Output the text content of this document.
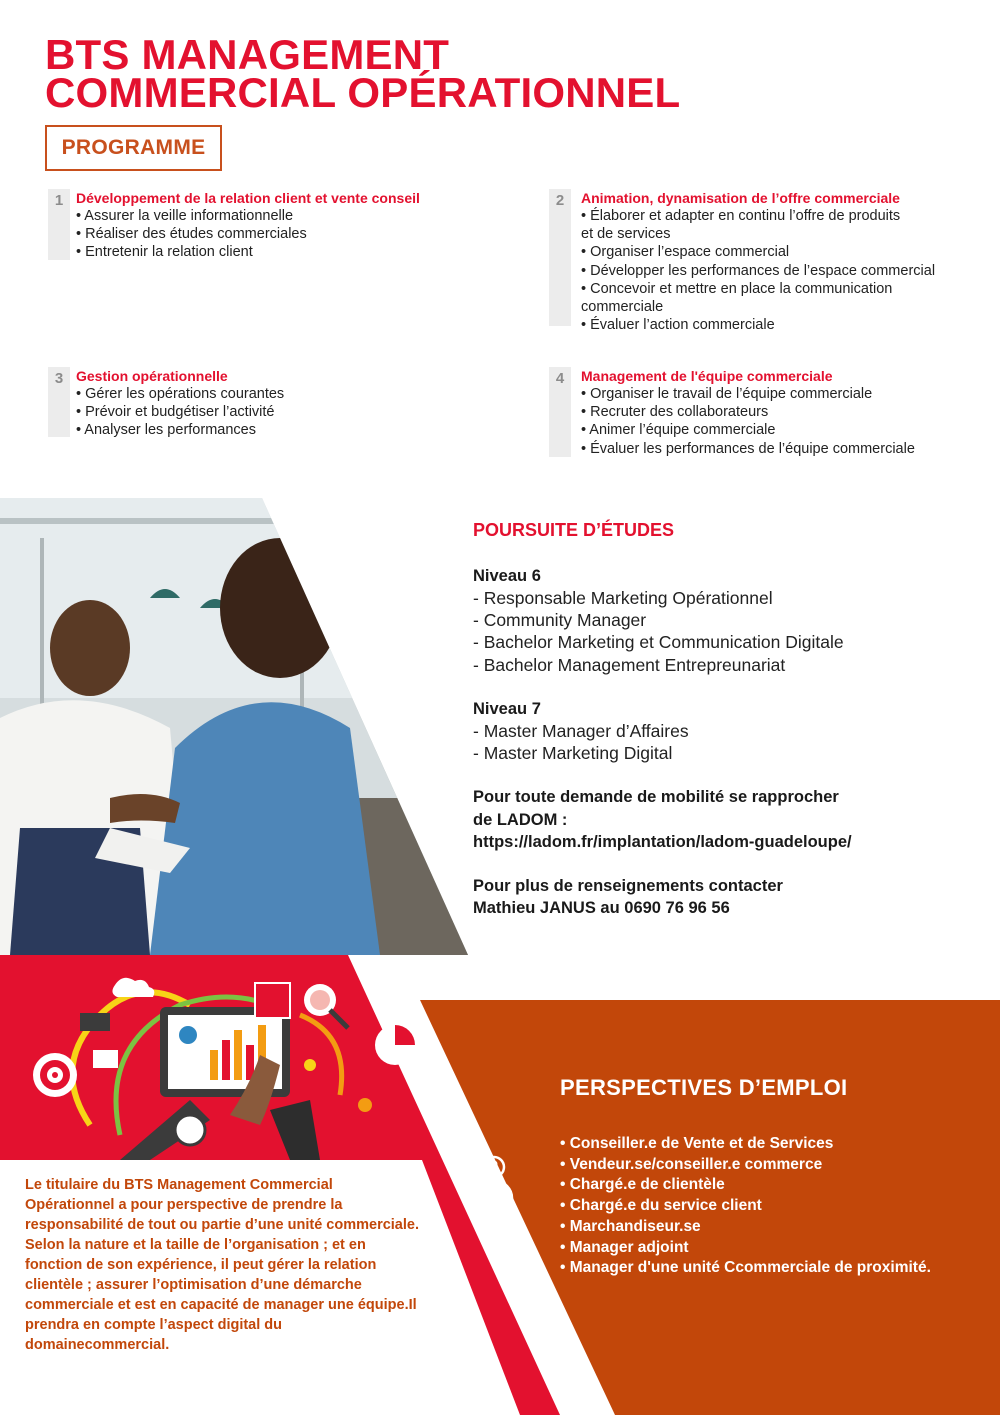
BTS MANAGEMENT
COMMERCIAL OPÉRATIONNEL
PROGRAMME
1 Développement de la relation client et vente conseil
• Assurer la veille informationnelle
• Réaliser des études commerciales
• Entretenir la relation client
2	Animation, dynamisation de l’offre commerciale
• Élaborer et adapter en continu l’offre de produits
et de services
• Organiser l’espace commercial
• Développer les performances de l’espace commercial
• Concevoir et mettre en place la communication
commerciale
• Évaluer l’action commerciale
3 Gestion opérationnelle
• Gérer les opérations courantes
• Prévoir et budgétiser l’activité
• Analyser les performances
4	Management de l'équipe commerciale
• Organiser le travail de l’équipe commerciale
• Recruter des collaborateurs
• Animer l’équipe commerciale
• Évaluer les performances de l’équipe commerciale
POURSUITE D’ÉTUDES
Niveau 6
- Responsable Marketing Opérationnel
- Community Manager
- Bachelor Marketing et Communication Digitale
- Bachelor Management Entrepreunariat
Niveau 7
- Master Manager d’Affaires
- Master Marketing Digital
Pour toute demande de mobilité se rapprocher
de LADOM :
https://ladom.fr/implantation/ladom-guadeloupe/
Pour plus de renseignements contacter
Mathieu JANUS au 0690 76 96 56
Le titulaire du BTS Management Commercial Opérationnel a pour perspective de prendre la responsabilité de tout ou partie d’une unité commerciale. Selon la nature et la taille de l’organisation ; et en fonction de son expérience, il peut gérer la relation clientèle ; assurer l’optimisation d’une démarche commerciale et est en capacité de manager une équipe.Il prendra en compte l’aspect digital du domainecommercial.
PERSPECTIVES D’EMPLOI
• Conseiller.e de Vente et de Services
• Vendeur.se/conseiller.e commerce
• Chargé.e de clientèle
• Chargé.e du service client
• Marchandiseur.se
• Manager adjoint
• Manager d'une unité Ccommerciale de proximité.
